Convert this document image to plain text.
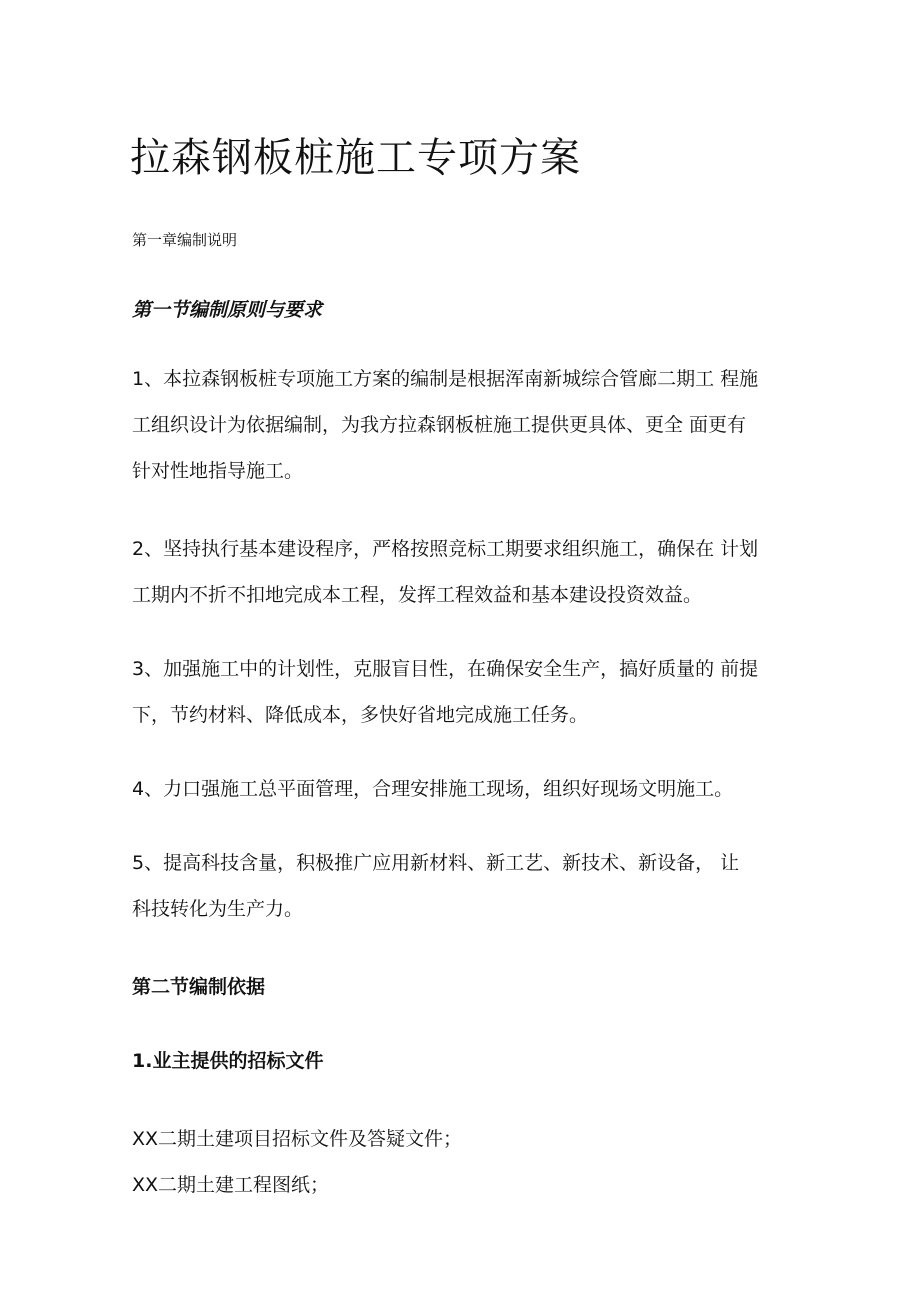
拉森钢板桩施工专项方案
第一章编制说明
第一节编制原则与要求

1、本拉森钢板桩专项施工方案的编制是根据浑南新城综合管廊二期工 程施
工组织设计为依据编制，为我方拉森钢板桩施工提供更具体、更全 面更有
针对性地指导施工。

2、坚持执行基本建设程序，严格按照竞标工期要求组织施工，确保在 计划
工期内不折不扣地完成本工程，发挥工程效益和基本建设投资效益。

3、加强施工中的计划性，克服盲目性，在确保安全生产，搞好质量的 前提
下，节约材料、降低成本，多快好省地完成施工任务。

4、力口强施工总平面管理，合理安排施工现场，组织好现场文明施工。

5、提高科技含量，积极推广应用新材料、新工艺、新技术、新设备， 让
科技转化为生产力。

第二节编制依据
1.业主提供的招标文件
XX二期土建项目招标文件及答疑文件；
XX二期土建工程图纸；
